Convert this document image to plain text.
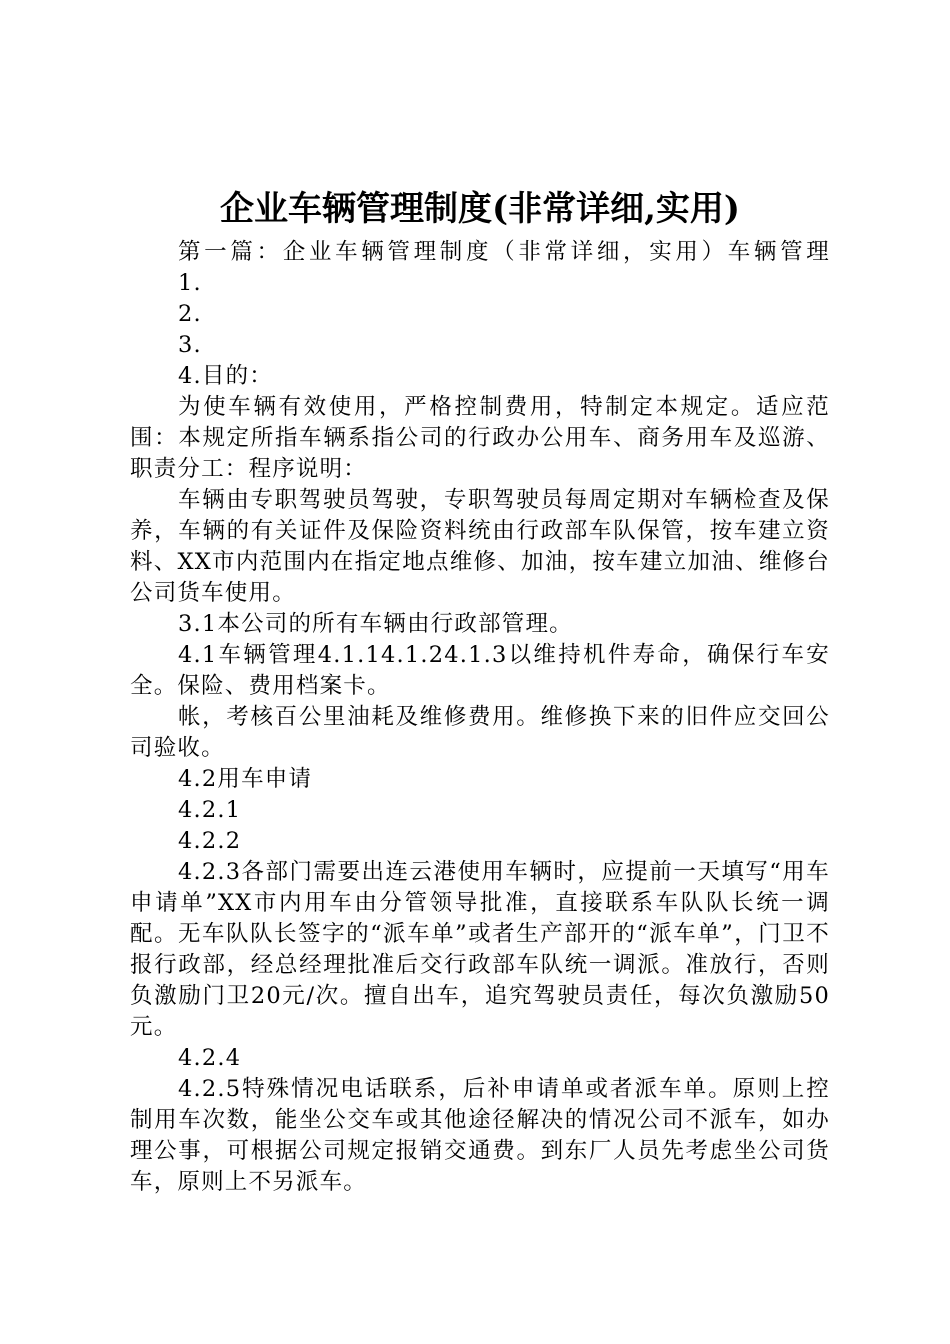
企业车辆管理制度(非常详细,实用)

第一篇：企业车辆管理制度（非常详细，实用）车辆管理

1.

2.

3.

4.目的：

为使车辆有效使用，严格控制费用，特制定本规定。适应范围：本规定所指车辆系指公司的行政办公用车、商务用车及巡游、职责分工：程序说明：

车辆由专职驾驶员驾驶，专职驾驶员每周定期对车辆检查及保养，车辆的有关证件及保险资料统由行政部车队保管，按车建立资料、XX市内范围内在指定地点维修、加油，按车建立加油、维修台公司货车使用。

3.1本公司的所有车辆由行政部管理。

4.1车辆管理4.1.14.1.24.1.3以维持机件寿命，确保行车安全。保险、费用档案卡。

帐，考核百公里油耗及维修费用。维修换下来的旧件应交回公司验收。

4.2用车申请

4.2.1

4.2.2

4.2.3各部门需要出连云港使用车辆时，应提前一天填写“用车申请单”XX市内用车由分管领导批准，直接联系车队队长统一调配。无车队队长签字的“派车单”或者生产部开的“派车单”，门卫不报行政部，经总经理批准后交行政部车队统一调派。准放行，否则负激励门卫20元/次。擅自出车，追究驾驶员责任，每次负激励50元。

4.2.4

4.2.5特殊情况电话联系，后补申请单或者派车单。原则上控制用车次数，能坐公交车或其他途径解决的情况公司不派车，如办理公事，可根据公司规定报销交通费。到东厂人员先考虑坐公司货车，原则上不另派车。
